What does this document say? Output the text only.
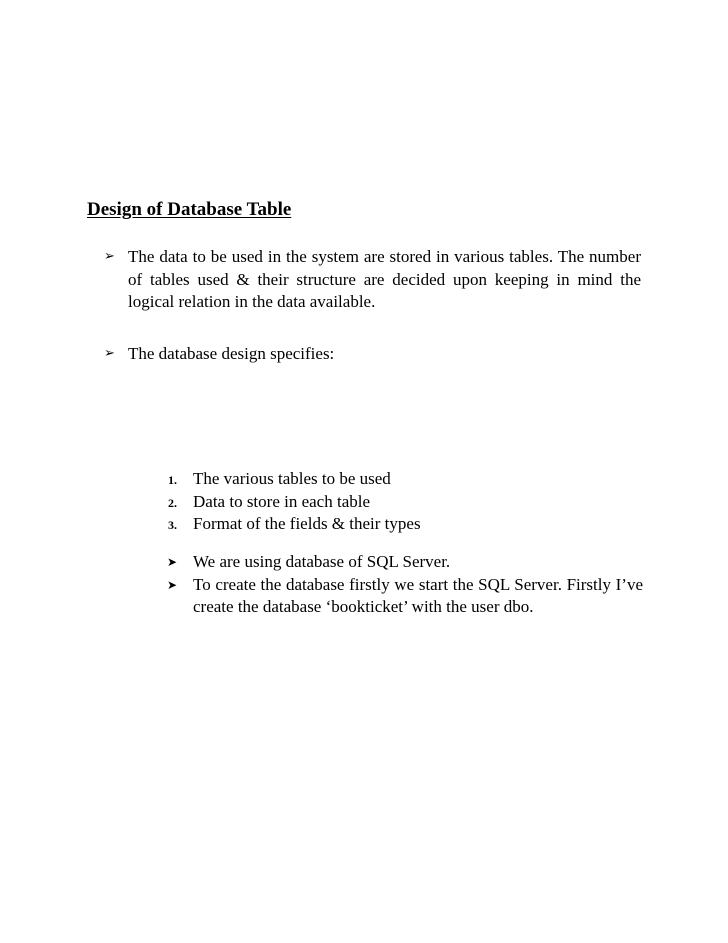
Design of Database Table
➢ The data to be used in the system are stored in various tables. The number of tables used & their structure are decided upon keeping in mind the logical relation in the data available.
➢ The database design specifies:
1. The various tables to be used
2. Data to store in each table
3. Format of the fields & their types
➤ We are using database of SQL Server.
➤ To create the database firstly we start the SQL Server. Firstly I’ve create the database ‘bookticket’ with the user dbo.
